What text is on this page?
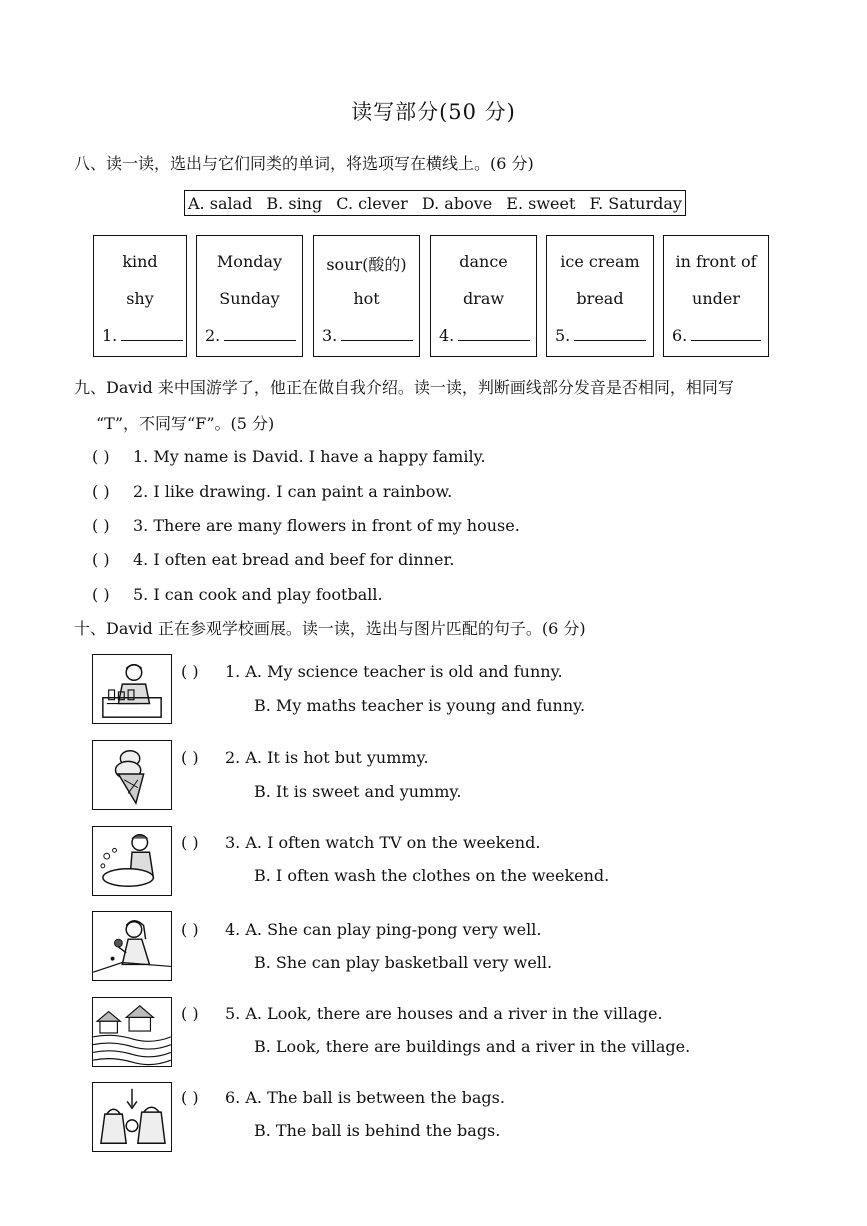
读写部分(50 分)
八、读一读，选出与它们同类的单词，将选项写在横线上。(6 分)
A. salad B. sing C. clever D. above E. sweet F. Saturday
kind
shy
1.
Monday
Sunday
2.
sour(酸的)
hot
3.
dance
draw
4.
ice cream
bread
5.
in front of
under
6.
九、David 来中国游学了，他正在做自我介绍。读一读，判断画线部分发音是否相同，相同写
“T”，不同写“F”。(5 分)
( ) 1. My name is David. I have a happy family.
( ) 2. I like drawing. I can paint a rainbow.
( ) 3. There are many flowers in front of my house.
( ) 4. I often eat bread and beef for dinner.
( ) 5. I can cook and play football.
十、David 正在参观学校画展。读一读，选出与图片匹配的句子。(6 分)
( ) 1. A. My science teacher is old and funny.
B. My maths teacher is young and funny.
( ) 2. A. It is hot but yummy.
B. It is sweet and yummy.
( ) 3. A. I often watch TV on the weekend.
B. I often wash the clothes on the weekend.
( ) 4. A. She can play ping-pong very well.
B. She can play basketball very well.
( ) 5. A. Look, there are houses and a river in the village.
B. Look, there are buildings and a river in the village.
( ) 6. A. The ball is between the bags.
B. The ball is behind the bags.
